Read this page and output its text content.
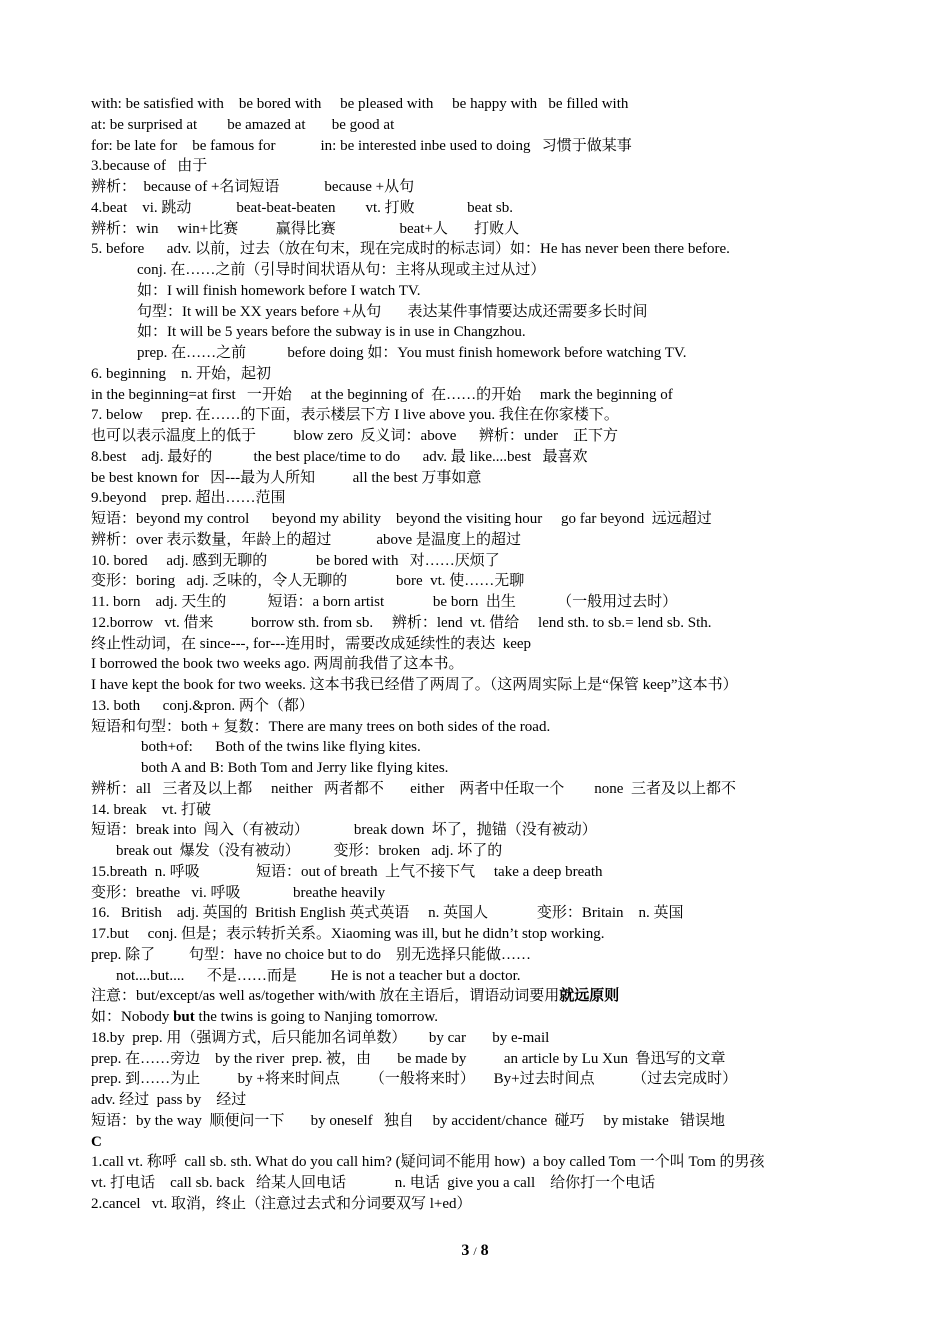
with: be satisfied with    be bored with     be pleased with     be happy with   be filled with
at: be surprised at        be amazed at       be good at
for: be late for    be famous for            in: be interested inbe used to doing   习惯于做某事
3.because of   由于
辨析：  because of +名词短语            because +从句
4.beat    vi. 跳动            beat-beat-beaten        vt. 打败              beat sb.
辨析：win     win+比赛          赢得比赛                 beat+人       打败人
5. before      adv. 以前，过去（放在句末，现在完成时的标志词）如：He has never been there before.
conj. 在……之前（引导时间状语从句：主将从现或主过从过）
如：I will finish homework before I watch TV.
句型：It will be XX years before +从句       表达某件事情要达成还需要多长时间
如：It will be 5 years before the subway is in use in Changzhou.
prep. 在……之前           before doing 如：You must finish homework before watching TV.
6. beginning    n. 开始，起初
in the beginning=at first   一开始     at the beginning of  在……的开始     mark the beginning of
7. below     prep. 在……的下面，表示楼层下方 I live above you. 我住在你家楼下。
也可以表示温度上的低于          blow zero  反义词：above      辨析：under    正下方
8.best    adj. 最好的           the best place/time to do      adv. 最 like....best   最喜欢
be best known for   因---最为人所知          all the best 万事如意
9.beyond    prep. 超出……范围
短语：beyond my control      beyond my ability    beyond the visiting hour     go far beyond  远远超过
辨析：over 表示数量，年龄上的超过            above 是温度上的超过
10. bored     adj. 感到无聊的             be bored with   对……厌烦了
变形：boring   adj. 乏味的，令人无聊的             bore  vt. 使……无聊
11. born    adj. 天生的           短语：a born artist             be born  出生           （一般用过去时）
12.borrow   vt. 借来          borrow sth. from sb.     辨析：lend  vt. 借给     lend sth. to sb.= lend sb. Sth.
终止性动词，在 since---, for---连用时，需要改成延续性的表达  keep
I borrowed the book two weeks ago. 两周前我借了这本书。
I have kept the book for two weeks. 这本书我已经借了两周了。（这两周实际上是“保管 keep”这本书）
13. both      conj.&pron. 两个（都）
短语和句型：both + 复数：There are many trees on both sides of the road.
both+of:      Both of the twins like flying kites.
both A and B: Both Tom and Jerry like flying kites.
辨析：all   三者及以上都     neither   两者都不       either    两者中任取一个        none  三者及以上都不
14. break    vt. 打破
短语：break into  闯入（有被动）            break down  坏了，抛锚（没有被动）
break out  爆发（没有被动）         变形：broken   adj. 坏了的
15.breath  n. 呼吸               短语：out of breath  上气不接下气     take a deep breath
变形：breathe   vi. 呼吸              breathe heavily
16.   British    adj. 英国的  British English 英式英语     n. 英国人             变形：Britain    n. 英国
17.but     conj. 但是；表示转折关系。Xiaoming was ill, but he didn’t stop working.
prep. 除了         句型：have no choice but to do    别无选择只能做……
not....but....      不是……而是         He is not a teacher but a doctor.
注意：but/except/as well as/together with/with 放在主语后，谓语动词要用就远原则
如：Nobody but the twins is going to Nanjing tomorrow.
18.by  prep. 用（强调方式，后只能加名词单数）      by car       by e-mail
prep. 在……旁边    by the river  prep. 被，由       be made by          an article by Lu Xun  鲁迅写的文章
prep. 到……为止          by +将来时间点        （一般将来时）     By+过去时间点          （过去完成时）
adv. 经过  pass by    经过
短语：by the way  顺便问一下       by oneself   独自     by accident/chance  碰巧     by mistake   错误地
C
1.call vt. 称呼  call sb. sth. What do you call him? (疑问词不能用 how)  a boy called Tom 一个叫 Tom 的男孩
vt. 打电话    call sb. back   给某人回电话             n. 电话  give you a call    给你打一个电话
2.cancel   vt. 取消，终止（注意过去式和分词要双写 l+ed）
3 / 8
